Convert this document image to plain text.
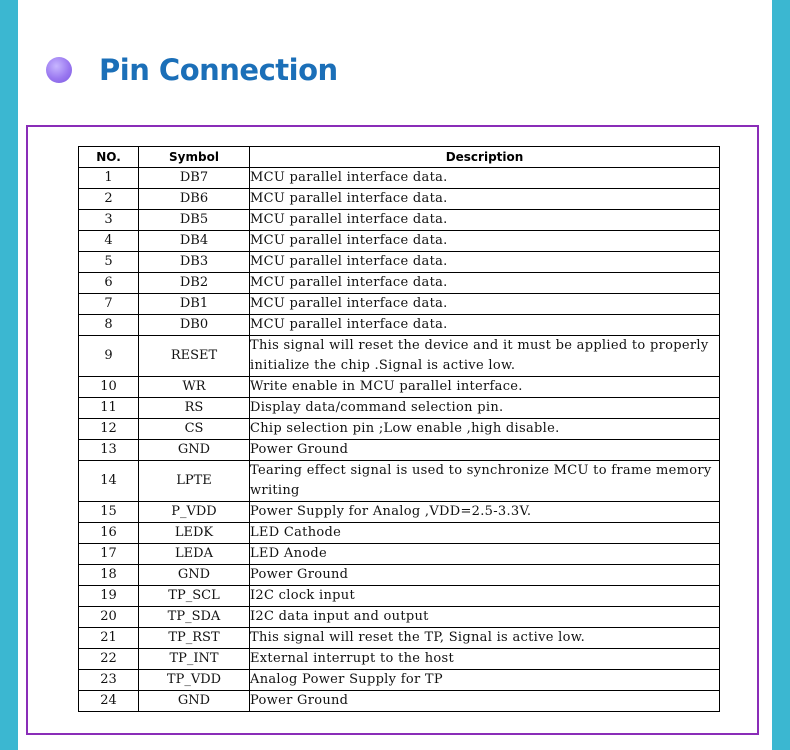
Pin Connection
NO.	Symbol	Description
1	DB7	MCU parallel interface data.
2	DB6	MCU parallel interface data.
3	DB5	MCU parallel interface data.
4	DB4	MCU parallel interface data.
5	DB3	MCU parallel interface data.
6	DB2	MCU parallel interface data.
7	DB1	MCU parallel interface data.
8	DB0	MCU parallel interface data.
9	RESET	This signal will reset the device and it must be applied to properly initialize the chip .Signal is active low.
10	WR	Write enable in MCU parallel interface.
11	RS	Display data/command selection pin.
12	CS	Chip selection pin ;Low enable ,high disable.
13	GND	Power Ground
14	LPTE	Tearing effect signal is used to synchronize MCU to frame memory writing
15	P_VDD	Power Supply for Analog ,VDD=2.5-3.3V.
16	LEDK	LED Cathode
17	LEDA	LED Anode
18	GND	Power Ground
19	TP_SCL	I2C clock input
20	TP_SDA	I2C data input and output
21	TP_RST	This signal will reset the TP, Signal is active low.
22	TP_INT	External interrupt to the host
23	TP_VDD	Analog Power Supply for TP
24	GND	Power Ground
